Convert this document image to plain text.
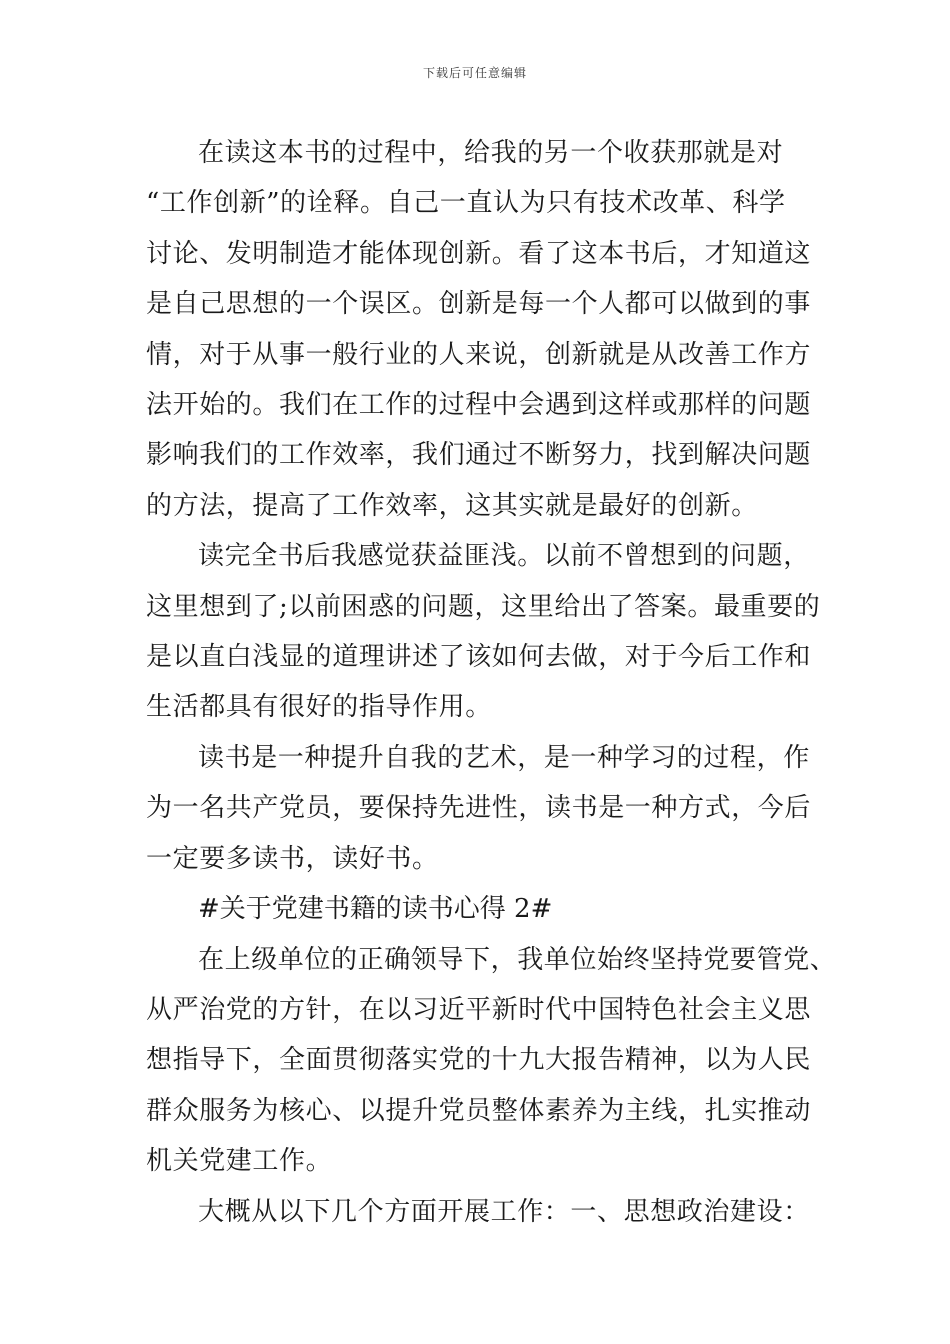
下载后可任意编辑
在读这本书的过程中，给我的另一个收获那就是对
“工作创新”的诠释。自己一直认为只有技术改革、科学
讨论、发明制造才能体现创新。看了这本书后，才知道这
是自己思想的一个误区。创新是每一个人都可以做到的事
情，对于从事一般行业的人来说，创新就是从改善工作方
法开始的。我们在工作的过程中会遇到这样或那样的问题
影响我们的工作效率，我们通过不断努力，找到解决问题
的方法，提高了工作效率，这其实就是最好的创新。
读完全书后我感觉获益匪浅。以前不曾想到的问题，
这里想到了;以前困惑的问题，这里给出了答案。最重要的
是以直白浅显的道理讲述了该如何去做，对于今后工作和
生活都具有很好的指导作用。
读书是一种提升自我的艺术，是一种学习的过程，作
为一名共产党员，要保持先进性，读书是一种方式，今后
一定要多读书，读好书。
#关于党建书籍的读书心得 2#
在上级单位的正确领导下，我单位始终坚持党要管党、
从严治党的方针，在以习近平新时代中国特色社会主义思
想指导下，全面贯彻落实党的十九大报告精神，以为人民
群众服务为核心、以提升党员整体素养为主线，扎实推动
机关党建工作。
大概从以下几个方面开展工作：一、思想政治建设：
